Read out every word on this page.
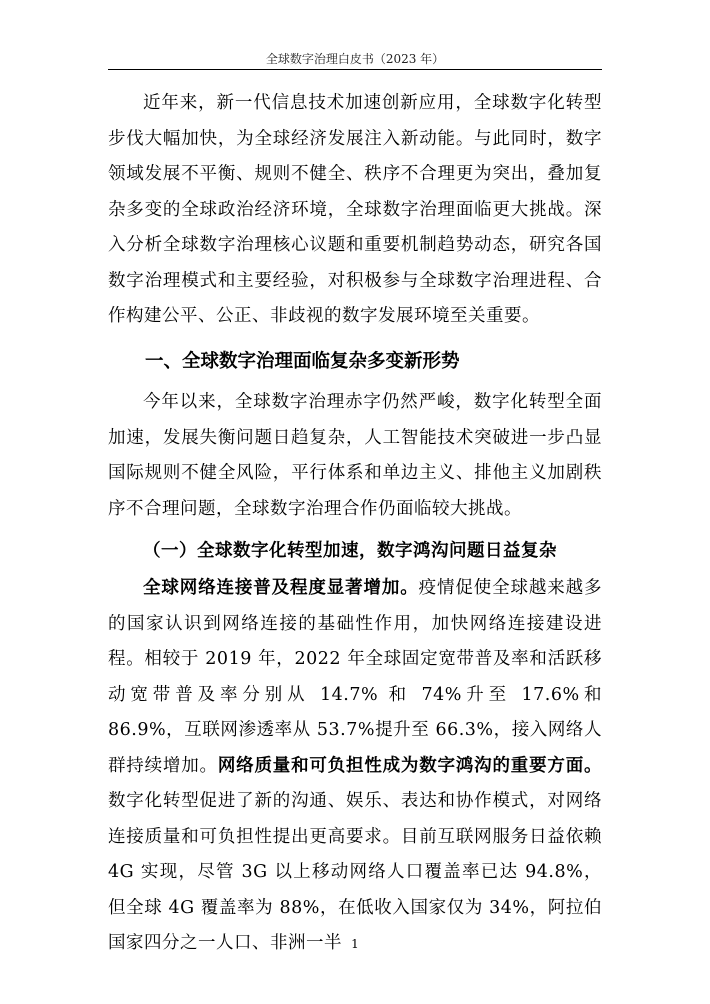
全球数字治理白皮书（2023 年）

近年来，新一代信息技术加速创新应用，全球数字化转型步伐大幅加快，为全球经济发展注入新动能。与此同时，数字领域发展不平衡、规则不健全、秩序不合理更为突出，叠加复杂多变的全球政治经济环境，全球数字治理面临更大挑战。深入分析全球数字治理核心议题和重要机制趋势动态，研究各国数字治理模式和主要经验，对积极参与全球数字治理进程、合作构建公平、公正、非歧视的数字发展环境至关重要。

一、全球数字治理面临复杂多变新形势

今年以来，全球数字治理赤字仍然严峻，数字化转型全面加速，发展失衡问题日趋复杂，人工智能技术突破进一步凸显国际规则不健全风险，平行体系和单边主义、排他主义加剧秩序不合理问题，全球数字治理合作仍面临较大挑战。

（一）全球数字化转型加速，数字鸿沟问题日益复杂

全球网络连接普及程度显著增加。疫情促使全球越来越多的国家认识到网络连接的基础性作用，加快网络连接建设进程。相较于 2019 年，2022 年全球固定宽带普及率和活跃移动宽带普及率分别从 14.7% 和 74%升至 17.6%和 86.9%，互联网渗透率从 53.7%提升至 66.3%，接入网络人群持续增加。网络质量和可负担性成为数字鸿沟的重要方面。数字化转型促进了新的沟通、娱乐、表达和协作模式，对网络连接质量和可负担性提出更高要求。目前互联网服务日益依赖 4G 实现，尽管 3G 以上移动网络人口覆盖率已达 94.8%，但全球 4G 覆盖率为 88%，在低收入国家仅为 34%，阿拉伯国家四分之一人口、非洲一半 1
